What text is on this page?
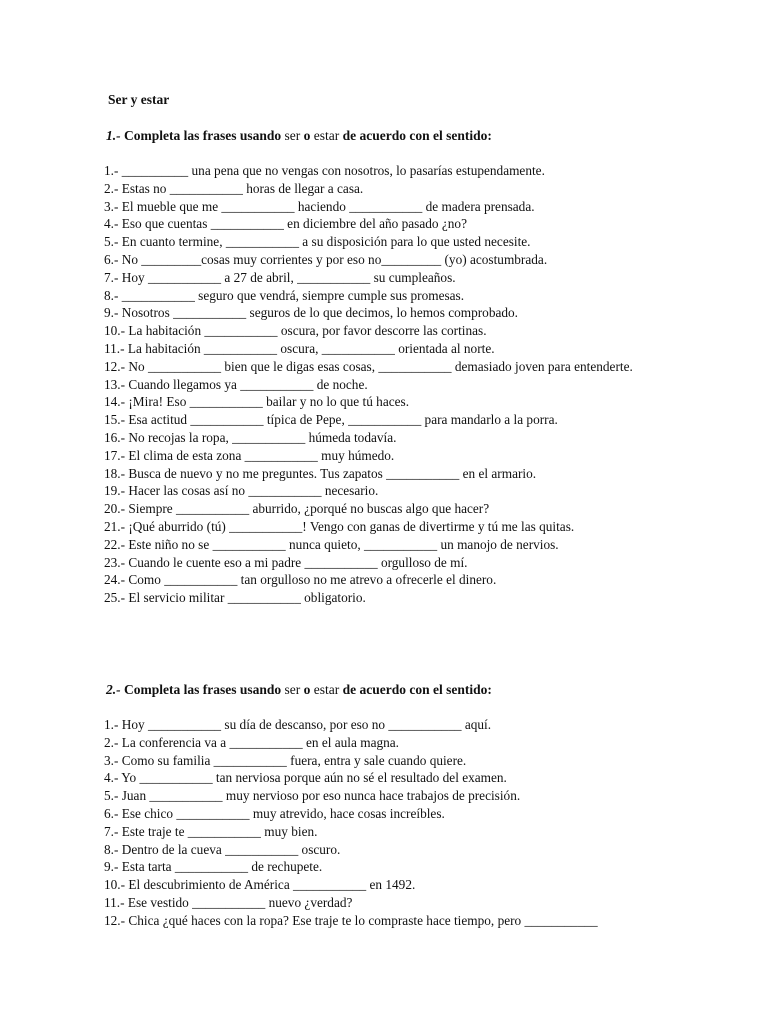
Ser y estar
1.- Completa las frases usando ser o estar de acuerdo con el sentido:
1.- __________ una pena que no vengas con nosotros, lo pasarías estupendamente.
2.- Estas no ___________ horas de llegar a casa.
3.- El mueble que me ___________ haciendo ___________ de madera prensada.
4.- Eso que cuentas ___________ en diciembre del año pasado ¿no?
5.- En cuanto termine, ___________ a su disposición para lo que usted necesite.
6.- No _________cosas muy corrientes y por eso no_________ (yo) acostumbrada.
7.- Hoy ___________ a 27 de abril, ___________ su cumpleaños.
8.- ___________ seguro que vendrá, siempre cumple sus promesas.
9.- Nosotros ___________ seguros de lo que decimos, lo hemos comprobado.
10.- La habitación ___________ oscura, por favor descorre las cortinas.
11.- La habitación ___________ oscura, ___________ orientada al norte.
12.- No ___________ bien que le digas esas cosas, ___________ demasiado joven para entenderte.
13.- Cuando llegamos ya ___________ de noche.
14.- ¡Mira! Eso ___________ bailar y no lo que tú haces.
15.- Esa actitud ___________ típica de Pepe, ___________ para mandarlo a la porra.
16.- No recojas la ropa, ___________ húmeda todavía.
17.- El clima de esta zona ___________ muy húmedo.
18.- Busca de nuevo y no me preguntes. Tus zapatos ___________ en el armario.
19.- Hacer las cosas así no ___________ necesario.
20.- Siempre ___________ aburrido, ¿porqué no buscas algo que hacer?
21.- ¡Qué aburrido (tú) ___________! Vengo con ganas de divertirme y tú me las quitas.
22.- Este niño no se ___________ nunca quieto, ___________ un manojo de nervios.
23.- Cuando le cuente eso a mi padre ___________ orgulloso de mí.
24.- Como ___________ tan orgulloso no me atrevo a ofrecerle el dinero.
25.- El servicio militar ___________ obligatorio.
2.- Completa las frases usando ser o estar de acuerdo con el sentido:
1.- Hoy ___________ su día de descanso, por eso no ___________ aquí.
2.- La conferencia va a ___________ en el aula magna.
3.- Como su familia ___________ fuera, entra y sale cuando quiere.
4.- Yo ___________ tan nerviosa porque aún no sé el resultado del examen.
5.- Juan ___________ muy nervioso por eso nunca hace trabajos de precisión.
6.- Ese chico ___________ muy atrevido, hace cosas increíbles.
7.- Este traje te ___________ muy bien.
8.- Dentro de la cueva ___________ oscuro.
9.- Esta tarta ___________ de rechupete.
10.- El descubrimiento de América ___________ en 1492.
11.- Ese vestido ___________ nuevo ¿verdad?
12.- Chica ¿qué haces con la ropa? Ese traje te lo compraste hace tiempo, pero ___________
